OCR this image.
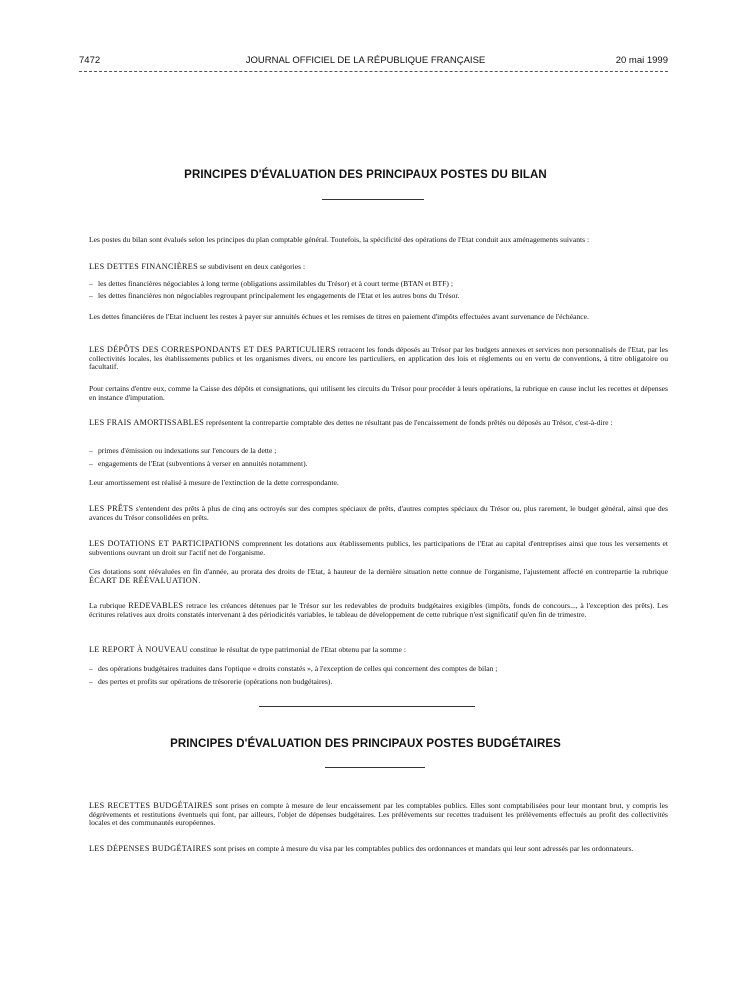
7472	JOURNAL OFFICIEL DE LA RÉPUBLIQUE FRANÇAISE	20 mai 1999
PRINCIPES D'ÉVALUATION DES PRINCIPAUX POSTES DU BILAN
Les postes du bilan sont évalués selon les principes du plan comptable général. Toutefois, la spécificité des opérations de l'Etat conduit aux aménagements suivants :
LES DETTES FINANCIÈRES se subdivisent en deux catégories :
– les dettes financières négociables à long terme (obligations assimilables du Trésor) et à court terme (BTAN et BTF) ;
– les dettes financières non négociables regroupant principalement les engagements de l'Etat et les autres bons du Trésor.
Les dettes financières de l'Etat incluent les restes à payer sur annuités échues et les remises de titres en paiement d'impôts effectuées avant survenance de l'échéance.
LES DÉPÔTS DES CORRESPONDANTS ET DES PARTICULIERS retracent les fonds déposés au Trésor par les budgets annexes et services non personnalisés de l'Etat, par les collectivités locales, les établissements publics et les organismes divers, ou encore les particuliers, en application des lois et règlements ou en vertu de conventions, à titre obligatoire ou facultatif.
Pour certains d'entre eux, comme la Caisse des dépôts et consignations, qui utilisent les circuits du Trésor pour procéder à leurs opérations, la rubrique en cause inclut les recettes et dépenses en instance d'imputation.
LES FRAIS AMORTISSABLES représentent la contrepartie comptable des dettes ne résultant pas de l'encaissement de fonds prêtés ou déposés au Trésor, c'est-à-dire :
– primes d'émission ou indexations sur l'encours de la dette ;
– engagements de l'Etat (subventions à verser en annuités notamment).
Leur amortissement est réalisé à mesure de l'extinction de la dette correspondante.
LES PRÊTS s'entendent des prêts à plus de cinq ans octroyés sur des comptes spéciaux de prêts, d'autres comptes spéciaux du Trésor ou, plus rarement, le budget général, ainsi que des avances du Trésor consolidées en prêts.
LES DOTATIONS ET PARTICIPATIONS comprennent les dotations aux établissements publics, les participations de l'Etat au capital d'entreprises ainsi que tous les versements et subventions ouvrant un droit sur l'actif net de l'organisme.
Ces dotations sont réévaluées en fin d'année, au prorata des droits de l'Etat, à hauteur de la dernière situation nette connue de l'organisme, l'ajustement affecté en contrepartie la rubrique ÉCART DE RÉÉVALUATION.
La rubrique REDEVABLES retrace les créances détenues par le Trésor sur les redevables de produits budgétaires exigibles (impôts, fonds de concours..., à l'exception des prêts). Les écritures relatives aux droits constatés intervenant à des périodicités variables, le tableau de développement de cette rubrique n'est significatif qu'en fin de trimestre.
LE REPORT À NOUVEAU constitue le résultat de type patrimonial de l'Etat obtenu par la somme :
– des opérations budgétaires traduites dans l'optique « droits constatés », à l'exception de celles qui concernent des comptes de bilan ;
– des pertes et profits sur opérations de trésorerie (opérations non budgétaires).
PRINCIPES D'ÉVALUATION DES PRINCIPAUX POSTES BUDGÉTAIRES
LES RECETTES BUDGÉTAIRES sont prises en compte à mesure de leur encaissement par les comptables publics. Elles sont comptabilisées pour leur montant brut, y compris les dégrèvements et restitutions éventuels qui font, par ailleurs, l'objet de dépenses budgétaires. Les prélèvements sur recettes traduisent les prélèvements effectués au profit des collectivités locales et des communautés européennes.
LES DÉPENSES BUDGÉTAIRES sont prises en compte à mesure du visa par les comptables publics des ordonnances et mandats qui leur sont adressés par les ordonnateurs.
